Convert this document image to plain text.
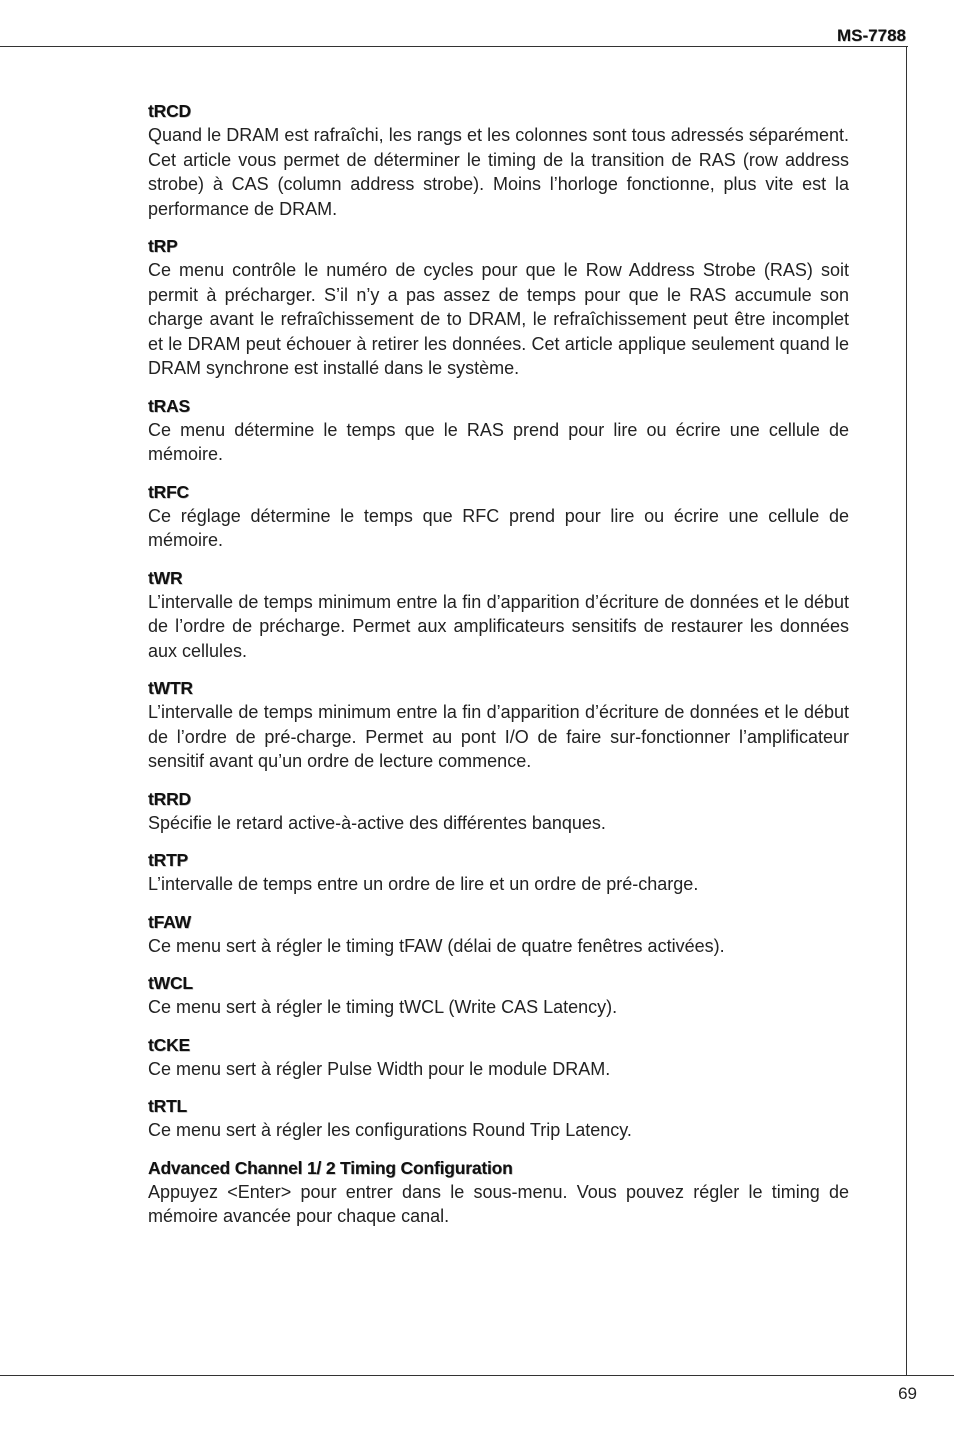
MS-7788
tRCD

Quand le DRAM est rafraîchi, les rangs et les colonnes sont tous adressés séparément. Cet article vous permet de déterminer le timing de la transition de RAS (row address strobe) à CAS (column address strobe). Moins l’horloge fonctionne, plus vite est la performance de DRAM.

tRP

Ce menu contrôle le numéro de cycles pour que le Row Address Strobe (RAS) soit permit à précharger. S’il n’y a pas assez de temps pour que le RAS accumule son charge avant le refraîchissement de to DRAM, le refraîchissement peut être incomplet et le DRAM peut échouer à retirer les données. Cet article applique seulement quand le DRAM synchrone est installé dans le système.

tRAS

Ce menu détermine le temps que le RAS prend pour lire ou écrire une cellule de mémoire.

tRFC

Ce réglage détermine le temps que RFC prend pour lire ou écrire une cellule de mémoire.

tWR

L’intervalle de temps minimum entre la fin d’apparition d’écriture de données et le début de l’ordre de précharge. Permet aux amplificateurs sensitifs de restaurer les données aux cellules.

tWTR

L’intervalle de temps minimum entre la fin d’apparition d’écriture de données et le début de l’ordre de pré-charge. Permet au pont I/O de faire sur-fonctionner l’amplificateur sensitif avant qu’un ordre de lecture commence.

tRRD

Spécifie le retard active-à-active des différentes banques.

tRTP

L’intervalle de temps entre un ordre de lire et un ordre de pré-charge.

tFAW

Ce menu sert à régler le timing tFAW (délai de quatre fenêtres activées).

tWCL

Ce menu sert à régler le timing tWCL (Write CAS Latency).

tCKE

Ce menu sert à régler Pulse Width pour le module DRAM.

tRTL

Ce menu sert à régler les configurations Round Trip Latency.

Advanced Channel 1/ 2 Timing Configuration

Appuyez <Enter> pour entrer dans le sous-menu. Vous pouvez régler le timing de mémoire avancée pour chaque canal.

69
